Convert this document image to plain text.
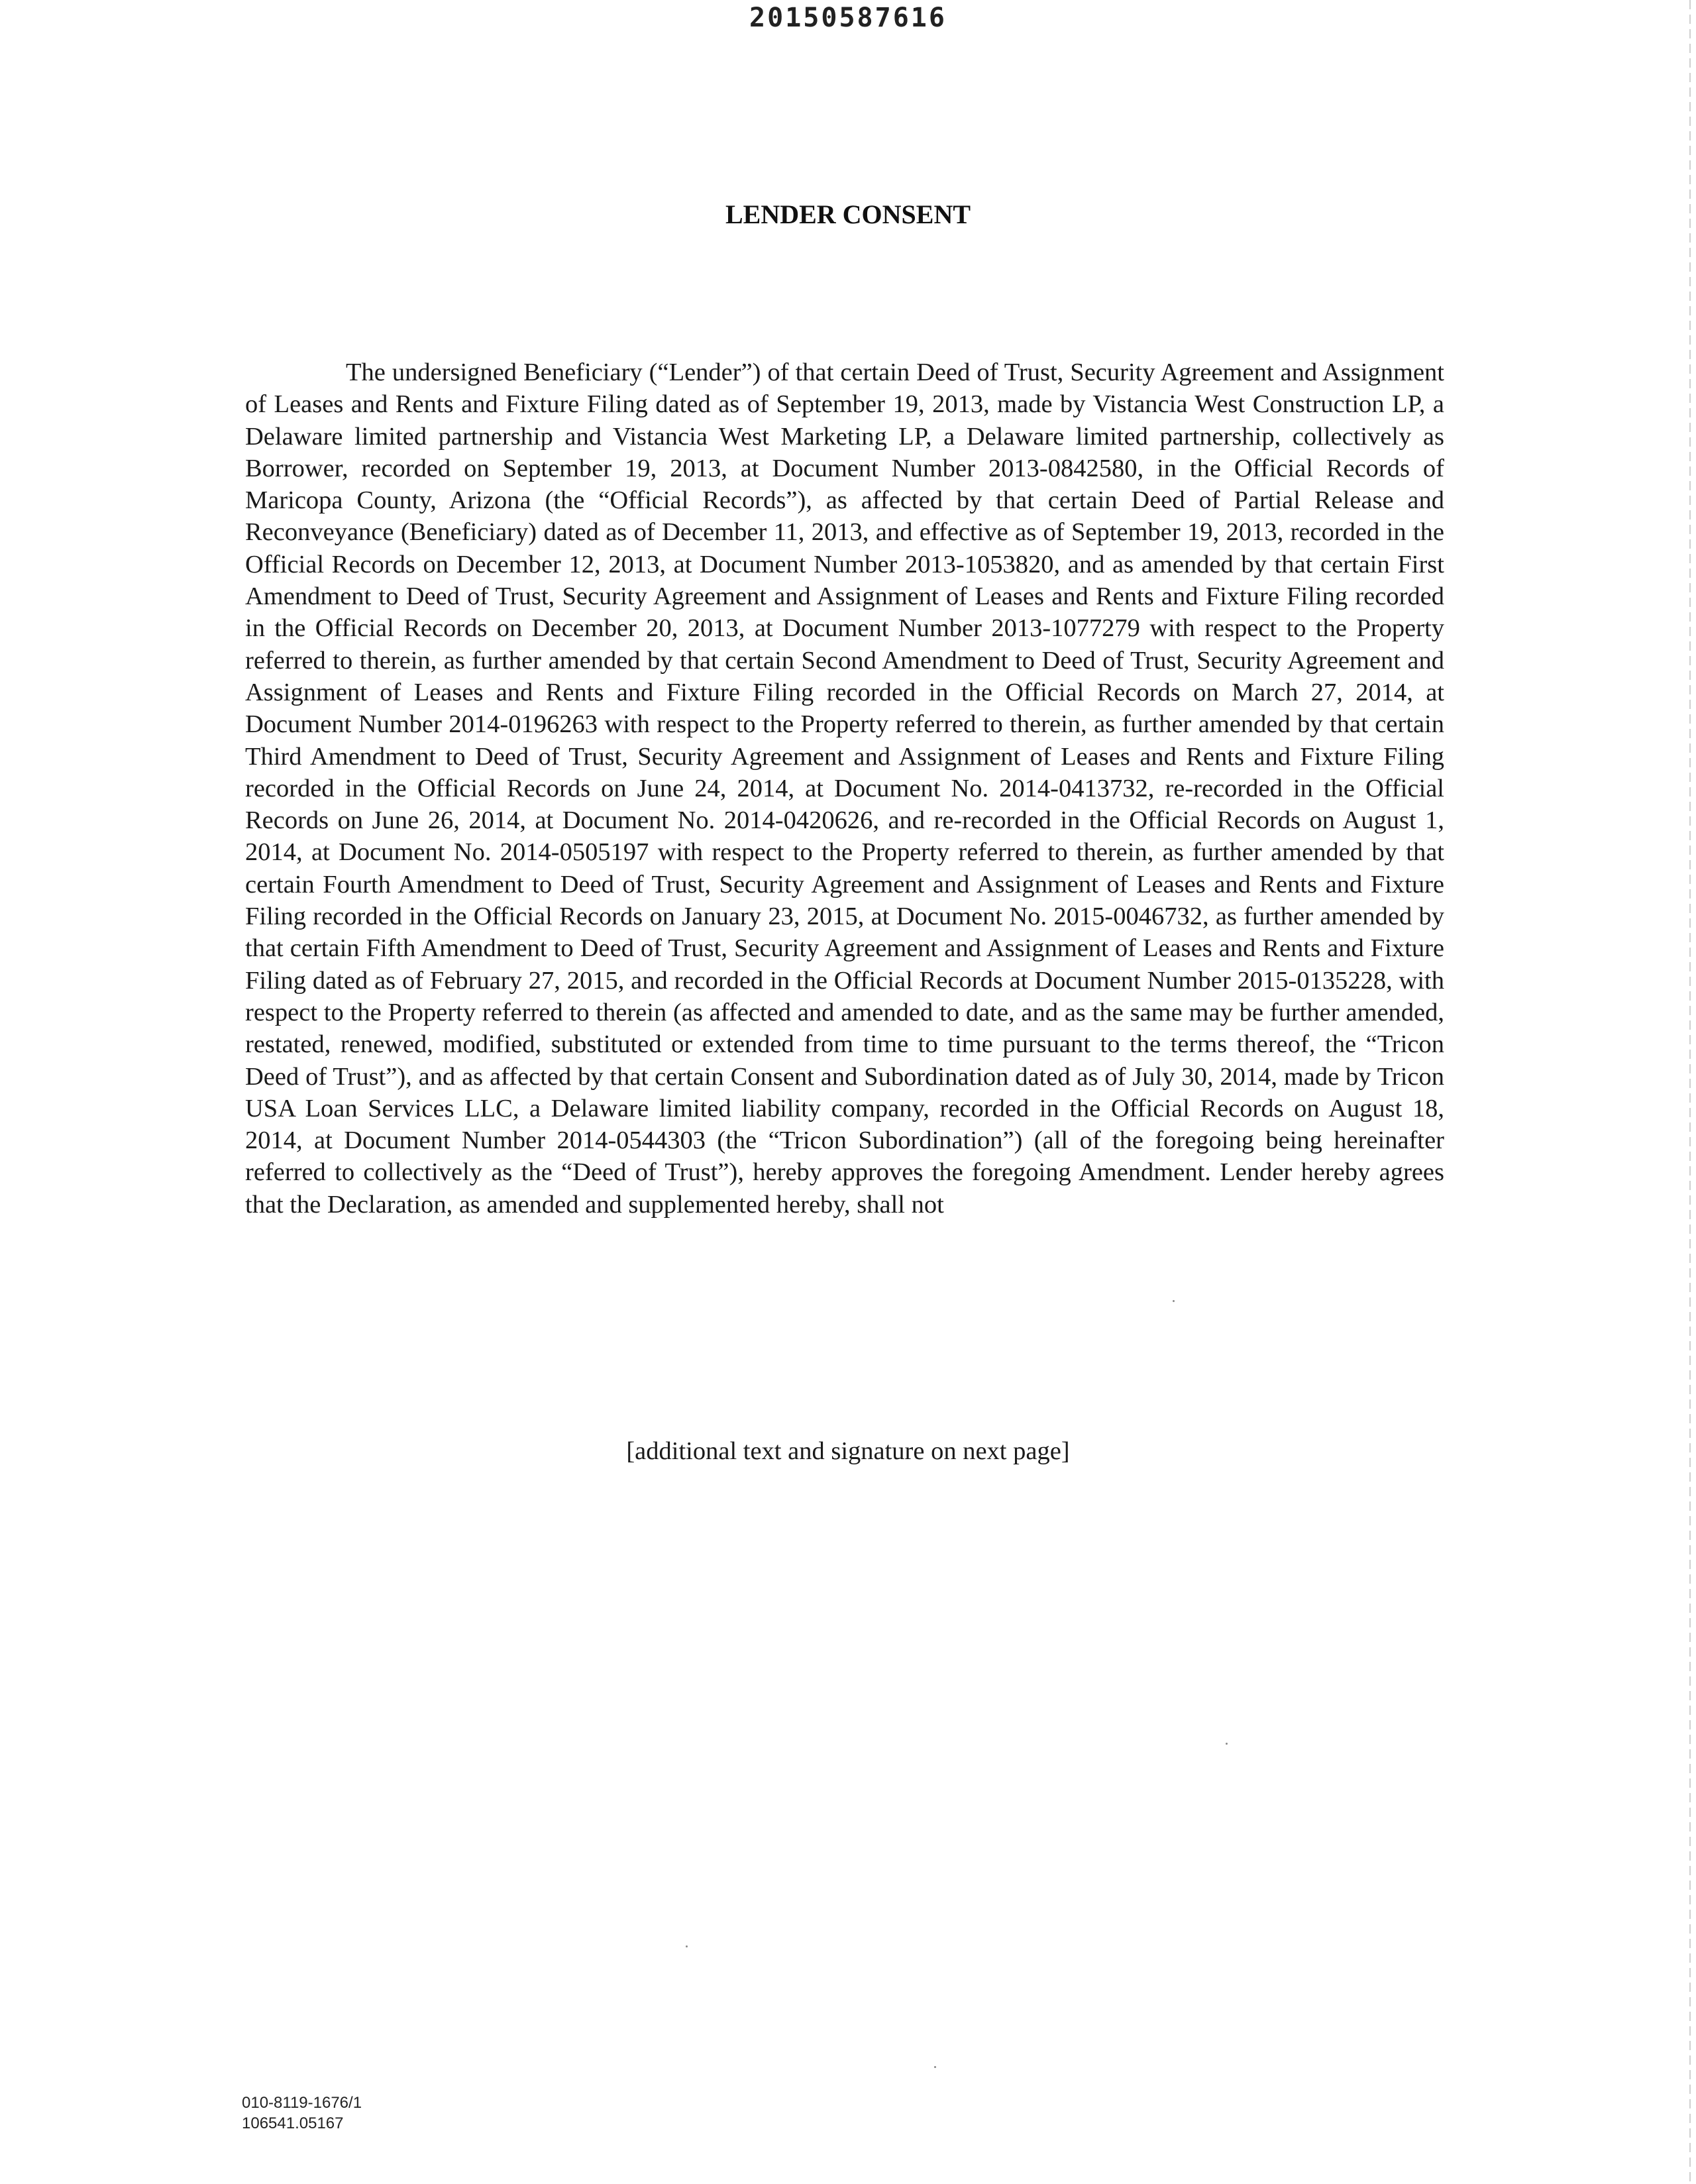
20150587616
LENDER CONSENT

The undersigned Beneficiary (“Lender”) of that certain Deed of Trust, Security Agreement and Assignment of Leases and Rents and Fixture Filing dated as of September 19, 2013, made by Vistancia West Construction LP, a Delaware limited partnership and Vistancia West Marketing LP, a Delaware limited partnership, collectively as Borrower, recorded on September 19, 2013, at Document Number 2013-0842580, in the Official Records of Maricopa County, Arizona (the “Official Records”), as affected by that certain Deed of Partial Release and Reconveyance (Beneficiary) dated as of December 11, 2013, and effective as of September 19, 2013, recorded in the Official Records on December 12, 2013, at Document Number 2013-1053820, and as amended by that certain First Amendment to Deed of Trust, Security Agreement and Assignment of Leases and Rents and Fixture Filing recorded in the Official Records on December 20, 2013, at Document Number 2013-1077279 with respect to the Property referred to therein, as further amended by that certain Second Amendment to Deed of Trust, Security Agreement and Assignment of Leases and Rents and Fixture Filing recorded in the Official Records on March 27, 2014, at Document Number 2014-0196263 with respect to the Property referred to therein, as further amended by that certain Third Amendment to Deed of Trust, Security Agreement and Assignment of Leases and Rents and Fixture Filing recorded in the Official Records on June 24, 2014, at Document No. 2014-0413732, re-recorded in the Official Records on June 26, 2014, at Document No. 2014-0420626, and re-recorded in the Official Records on August 1, 2014, at Document No. 2014-0505197 with respect to the Property referred to therein, as further amended by that certain Fourth Amendment to Deed of Trust, Security Agreement and Assignment of Leases and Rents and Fixture Filing recorded in the Official Records on January 23, 2015, at Document No. 2015-0046732, as further amended by that certain Fifth Amendment to Deed of Trust, Security Agreement and Assignment of Leases and Rents and Fixture Filing dated as of February 27, 2015, and recorded in the Official Records at Document Number 2015-0135228, with respect to the Property referred to therein (as affected and amended to date, and as the same may be further amended, restated, renewed, modified, substituted or extended from time to time pursuant to the terms thereof, the “Tricon Deed of Trust”), and as affected by that certain Consent and Subordination dated as of July 30, 2014, made by Tricon USA Loan Services LLC, a Delaware limited liability company, recorded in the Official Records on August 18, 2014, at Document Number 2014-0544303 (the “Tricon Subordination”) (all of the foregoing being hereinafter referred to collectively as the “Deed of Trust”), hereby approves the foregoing Amendment. Lender hereby agrees that the Declaration, as amended and supplemented hereby, shall not

[additional text and signature on next page]
010-8119-1676/1
106541.05167
